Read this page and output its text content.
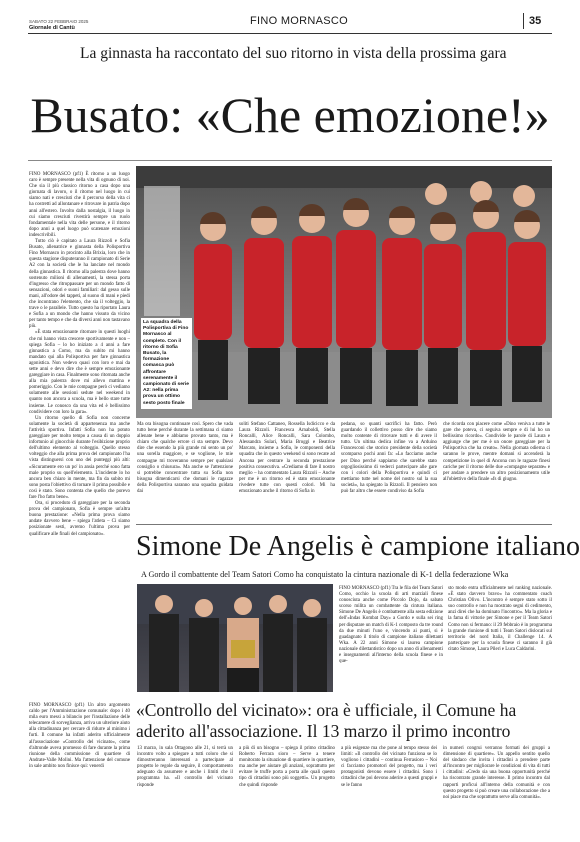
SABATO 22 FEBBRAIO 2025
Giornale di Cantù
FINO MORNASCO	35
La ginnasta ha raccontato del suo ritorno in vista della prossima gara
Busato: «Che emozione!»

FINO MORNASCO (pf1) È ritorno a un luogo caro è sempre presente nella vita di ognuno di noi. Che sia il più classico ritorno a casa dopo una giornata di lavoro, o il ritorno nel luogo in cui siamo nati e cresciuti che il percorso della vita ci ha costretti ad allontanare e ritrovare in patria dopo anni all'estero. Involto dalla nostalgia, il luogo in cui siamo cresciuti rivestirà sempre un ruolo fondamentale nella vita delle persone, e il ritorno dopo anni a quel luogo può scatenare emozioni indescrivibili.

Tutto ciò è capitato a Laura Rizzoli e Sofia Busato, allenatrice e ginnasta della Polisportiva Fino Mornasco in procinto alla Brixia, loro che in questa stagione disputeranno il campionato di Serie A2 con la società che le ha lanciate nel mondo della ginnastica. Il ritorno alla palestra dove hanno sostenuto milioni di allenamenti, la stessa porta d'ingresso che ritroppassare per un mondo fatto di sensazioni, odori e suoni familiari: dal gesso sulle mani, all'odore dei tappeti, al suono di mani e piedi che incontrano l'elemento, che sia il volteggio, la trave o le parallele. Tutto questo ha riportato Laura e Sofia a un mondo che hanno vissuto da vicino per tanto tempo e che da diversi anni non tastavano più.

«È stata emozionante ritornare in questi luoghi che mi hanno vista crescere sportivamente e non – spiega Sofia – lo ho iniziato a 4 anni a fare ginnastica a Como, ma da subito mi hanno mandato qui alla Polisportiva per fare ginnastica agonistica. Non vedevo quasi con loro e mai da sette anni e devo dire che è sempre emozionante gareggiare in casa. Finalmente sono ritornata anche alla mia palestra dove mi allevo mattina e pomeriggio. Con le mie compagne però ci vediamo solamente alle sessioni sedute nel weekend in quanto non ancora a scuola, ma è bello stare tutte insieme. Le conosco da una vita ed è bellissimo condividere con loro la gara».

Un ritorno quello di Sofia non concerne solamente la società di appartenenza ma anche l'attività sportiva. Infatti Sofia non ha potuto gareggiare per molto tempo a causa di un doppio infortunio al ginocchio durante l'esibizione proprio dell'ultimo elemento al volteggio. Quello stesso volteggio che alla prima prova del campionato l'ha vista distinguersi con uno dei punteggi più alti: «Sicuramente ero un po' in ansia perché sono fatta male proprio su quell'elemento. L'incidente lo ho ancora ben chiaro in mente, ma fin da subito mi sono posta l'obiettivo di tornare il prima possibile e così è stato. Sono contenta che quello che porevo fare l'ho fatto bene».

Ora, si proceduto di gareggiare per la seconda prova del campionato, Sofia è sempre un'altra buona prestazione: «Nella prima prova siamo andate davvero bene – spiega l'atleta – Ci siamo posizionate sesti, avremo l'ultima prova per qualificare alle finali del campionato».

La squadra della Polisportiva di Fino Mornasco al completo. Con il ritorno di Sofia Busato, la formazione comasca può affrontare serenamente il campionato di serie A2: nella prima prova un ottimo sesto posto finale
Ma ora bisogna continuare così. Spero che vada tutto bene perché durante la settimana ci siamo allenate bene e abbiamo provato tanto, ma è chiaro che qualche errore ci sta sempre. Devo dire che essendo la più grande mi sento un po' una sorella maggiore, e se voglione, le mie compagne mi troveranno sempre per qualsiasi consiglio o chiusura». Ma anche se l'attenzione si potrebbe concentrare tutta su Sofia non bisogna dimenticarsi che domani le ragazze della Polisportiva saranno una squadra guidata dai
soliti Stefano Cattaneo, Rossella Isdicicco e da Laura Rizzoli. Francesca Arnaboldi, Stella Roncalli, Alice Roncalli, Sara Colombo, Alessandra Sulari, Maria Broggi e Beatrice Marcato, insieme a Sofia, le componenti della squadra che in questo weekend si sono recate ad Ancona per centrare la seconda prestazione positiva consecutiva. «Crediamo di fare il nostro meglio – ha commentato Laura Rizzoli – Anche per me è un ritorno ed è stato emozionante rivedere tutte con questi colori. Mi ha emozionato anche il ritorno di Sofia in
pedana, so quanti sacrifici ha fatto. Però guardando il collettivo posso dire che siamo molto contente di ritrovare tutti e di avere il tutto. Un ultima dedica infine va a Arduino Francesconi che storico presidente della società scomparso pochi anni fa: «Lo facciamo anche per Dino perché sappiamo che sarebbe stato orgogliosissimo di vederci partecipare alle gare con i colori della Polisportiva e quindi ci mettiamo tutte nel nome del nostro sul la sua società», ha spiegato la Rizzoli. Il pensiero non può far altro che essere condiviso da Sofia
che ricorda con piacere come «Dino veniva a tutte le gare che poteva, ci seguiva sempre e di lui ho un bellissimo ricordo». Condivide le parole di Laura e aggiunge che per me è un onore gareggiare per la Polisportiva che ha creato». Nella giornata odierna ci saranno le prove, mentre domani si accenderà la competizione in quel di Ancona con le ragazze finesi cariche per il ritorno delle due «compagne separate» e per andare a prendere un altro posizionamento utile all'obiettivo della finale «fs di giugno.
Simone De Angelis è campione italiano
A Gordo il combattente del Team Satori Como ha conquistato la cintura nazionale di K-1 della federazione Wka
FINO MORNASCO (pf1) Tra le fila del Team Satori Como, occhio la scuola di arti marziali finese conosciuta anche come Piccolo Dojo, da sabato scorso milita un combattente da cintura italiana. Simone De Angelis è combattente alla sesta edizione dell'«Indas Kombat Day» a Gordo e sulla sei ring per disputare un match di K-1 composto da tre round da due minuti l'uno e, vincendo ai punti, si è guadagnato il titolo di campione italiano dilettanti Wka. A 22 anni Simone si laurea campione nazionale dilettantistico dopo un anno di allenamenti e insegnamenti all'interno della scuola finese e in que-
sto modo entra ufficialmente nel ranking nazionale. «È stato davvero bravo» ha commentato coach Christian Olivo. L'incontro è sempre stato sotto il suo controllo e non ha mostrato segni di cedimento, anzi direi che ha dominato l'incontro». Ma la gloria e la fama di vittorie per Simone e per il Team Satori Como non si fermano: il 29 febbraio è in programma la grande riunione di tutti i Team Satori dislocati sul territorio del nord Italia, il Challenge 14. A partecipare per la scuola finese ci saranno il già citato Simone, Laura Pileri e Luca Caldarini.
FINO MORNASCO (pf1) Un altro argomento caldo per l'Amministrazione comunale: dopo i 40 mila euro messi a bilancio per l'installazione delle telecamere di sorveglianza, arriva un ulteriore aiuto alla cittadinanza per cercare di ridurre al minimo i furti. Il comune ha infatti aderito ufficialmente all'associazione «Controllo del vicinato», come d'altronde aveva promesso di fare durante la prima riunione della commissione di quartiere di Andrate-Valle Molini. Ma l'attenzione del comune in sale ambito non finisce qui: venerdì
«Controllo del vicinato»: ora è ufficiale, il Comune ha aderito all'associazione. Il 13 marzo il primo incontro
13 marzo, in sala Ottagono alle 21, si terrà un incontro volto a spiegare a tutti coloro che si dimostreranno interessati a partecipare al progetto le regole da seguire, il comportamento adeguato da assumere e anche i limiti che il programma ha. «Il controllo del vicinato risponde
a più di un bisogno – spiega il primo cittadino Roberto Ferrara sioro – Serve a tenere monitorato la situazione di quartiere in quartiere, ma anche per aiutare gli anziani, soprattutto per evitare le truffe porta a porta alle quali questo tipo di cittadini sono più soggetti». Un progetto che quindi risponde
a più esigenze ma che pone al tempo stesso dei limiti: «Il controllo del vicinato funziona se lo vogliono i cittadini – continua Ferrasioro – Noi ci facciamo promotori del progetto, ma i veri protagonisti devono essere i cittadini. Sono i cittadini che poi devono aderire a questi gruppi e se le fanno
in numeri congrui verranno formati dei gruppi a dimensione di quartiere». Un appello sentito quello del sindaco che invita i cittadini a prendere parte all'incontro per migliorare le condizioni di vita di tutti i cittadini: «Credo sia una buona opportunità perché ha riscontrato grande interesse. Il primo incontro dal rapporti proficui all'interno della comunità e con questo progetto si può creare una collaborazione che a noi piace ma che soprattutto serve alla comunità».
